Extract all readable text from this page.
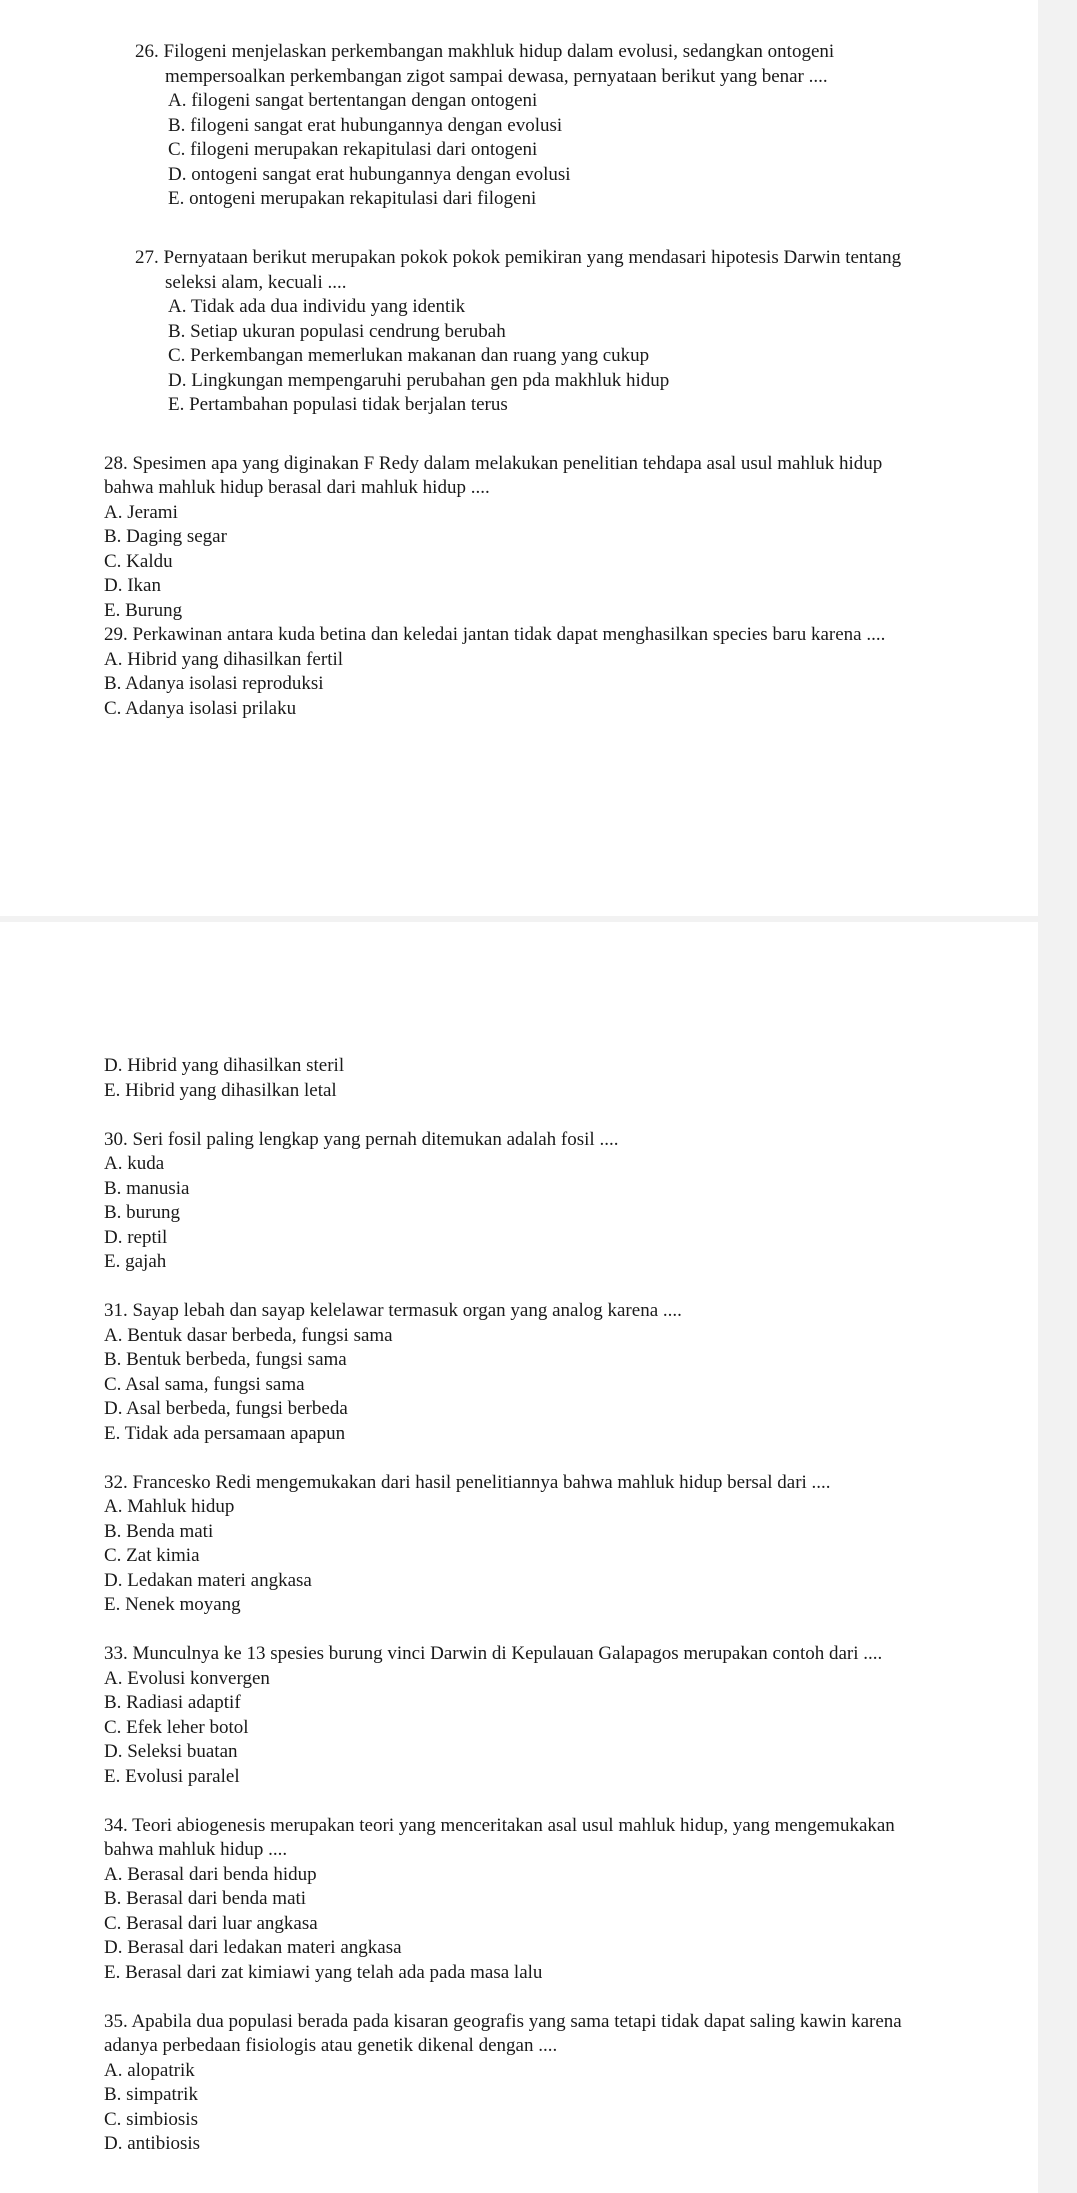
26. Filogeni menjelaskan perkembangan makhluk hidup dalam evolusi, sedangkan ontogeni mempersoalkan perkembangan zigot sampai dewasa, pernyataan berikut yang benar ....

A. filogeni sangat bertentangan dengan ontogeni

B. filogeni sangat erat hubungannya dengan evolusi

C. filogeni merupakan rekapitulasi dari ontogeni

D. ontogeni sangat erat hubungannya dengan evolusi

E. ontogeni merupakan rekapitulasi dari filogeni

27. Pernyataan berikut merupakan pokok pokok pemikiran yang mendasari hipotesis Darwin tentang seleksi alam, kecuali ....

A. Tidak ada dua individu yang identik

B. Setiap ukuran populasi cendrung berubah

C. Perkembangan memerlukan makanan dan ruang yang cukup

D. Lingkungan mempengaruhi perubahan gen pda makhluk hidup

E. Pertambahan populasi tidak berjalan terus

28. Spesimen apa yang diginakan F Redy dalam melakukan penelitian tehdapa asal usul mahluk hidup bahwa mahluk hidup berasal dari mahluk hidup ....

A. Jerami

B. Daging segar

C. Kaldu

D. Ikan

E. Burung

29. Perkawinan antara kuda betina dan keledai jantan tidak dapat menghasilkan species baru karena ....

A. Hibrid yang dihasilkan fertil

B. Adanya isolasi reproduksi

C. Adanya isolasi prilaku

D. Hibrid yang dihasilkan steril

E. Hibrid yang dihasilkan letal

30. Seri fosil paling lengkap yang pernah ditemukan adalah fosil ....

A. kuda

B. manusia

B. burung

D. reptil

E. gajah

31. Sayap lebah dan sayap kelelawar termasuk organ yang analog karena ....

A. Bentuk dasar berbeda, fungsi sama

B. Bentuk berbeda, fungsi sama

C. Asal sama, fungsi sama

D. Asal berbeda, fungsi berbeda

E. Tidak ada persamaan apapun

32. Francesko Redi mengemukakan dari hasil penelitiannya bahwa mahluk hidup bersal dari ....

A. Mahluk hidup

B. Benda mati

C. Zat kimia

D. Ledakan materi angkasa

E. Nenek moyang

33. Munculnya ke 13 spesies burung vinci Darwin di Kepulauan Galapagos merupakan contoh dari ....

A. Evolusi konvergen

B. Radiasi adaptif

C. Efek leher botol

D. Seleksi buatan

E. Evolusi paralel

34. Teori abiogenesis merupakan teori yang menceritakan asal usul mahluk hidup, yang mengemukakan bahwa mahluk hidup ....

A. Berasal dari benda hidup

B. Berasal dari benda mati

C. Berasal dari luar angkasa

D. Berasal dari ledakan materi angkasa

E. Berasal dari zat kimiawi yang telah ada pada masa lalu

35. Apabila dua populasi berada pada kisaran geografis yang sama tetapi tidak dapat saling kawin karena adanya perbedaan fisiologis atau genetik dikenal dengan ....

A. alopatrik

B. simpatrik

C. simbiosis

D. antibiosis
